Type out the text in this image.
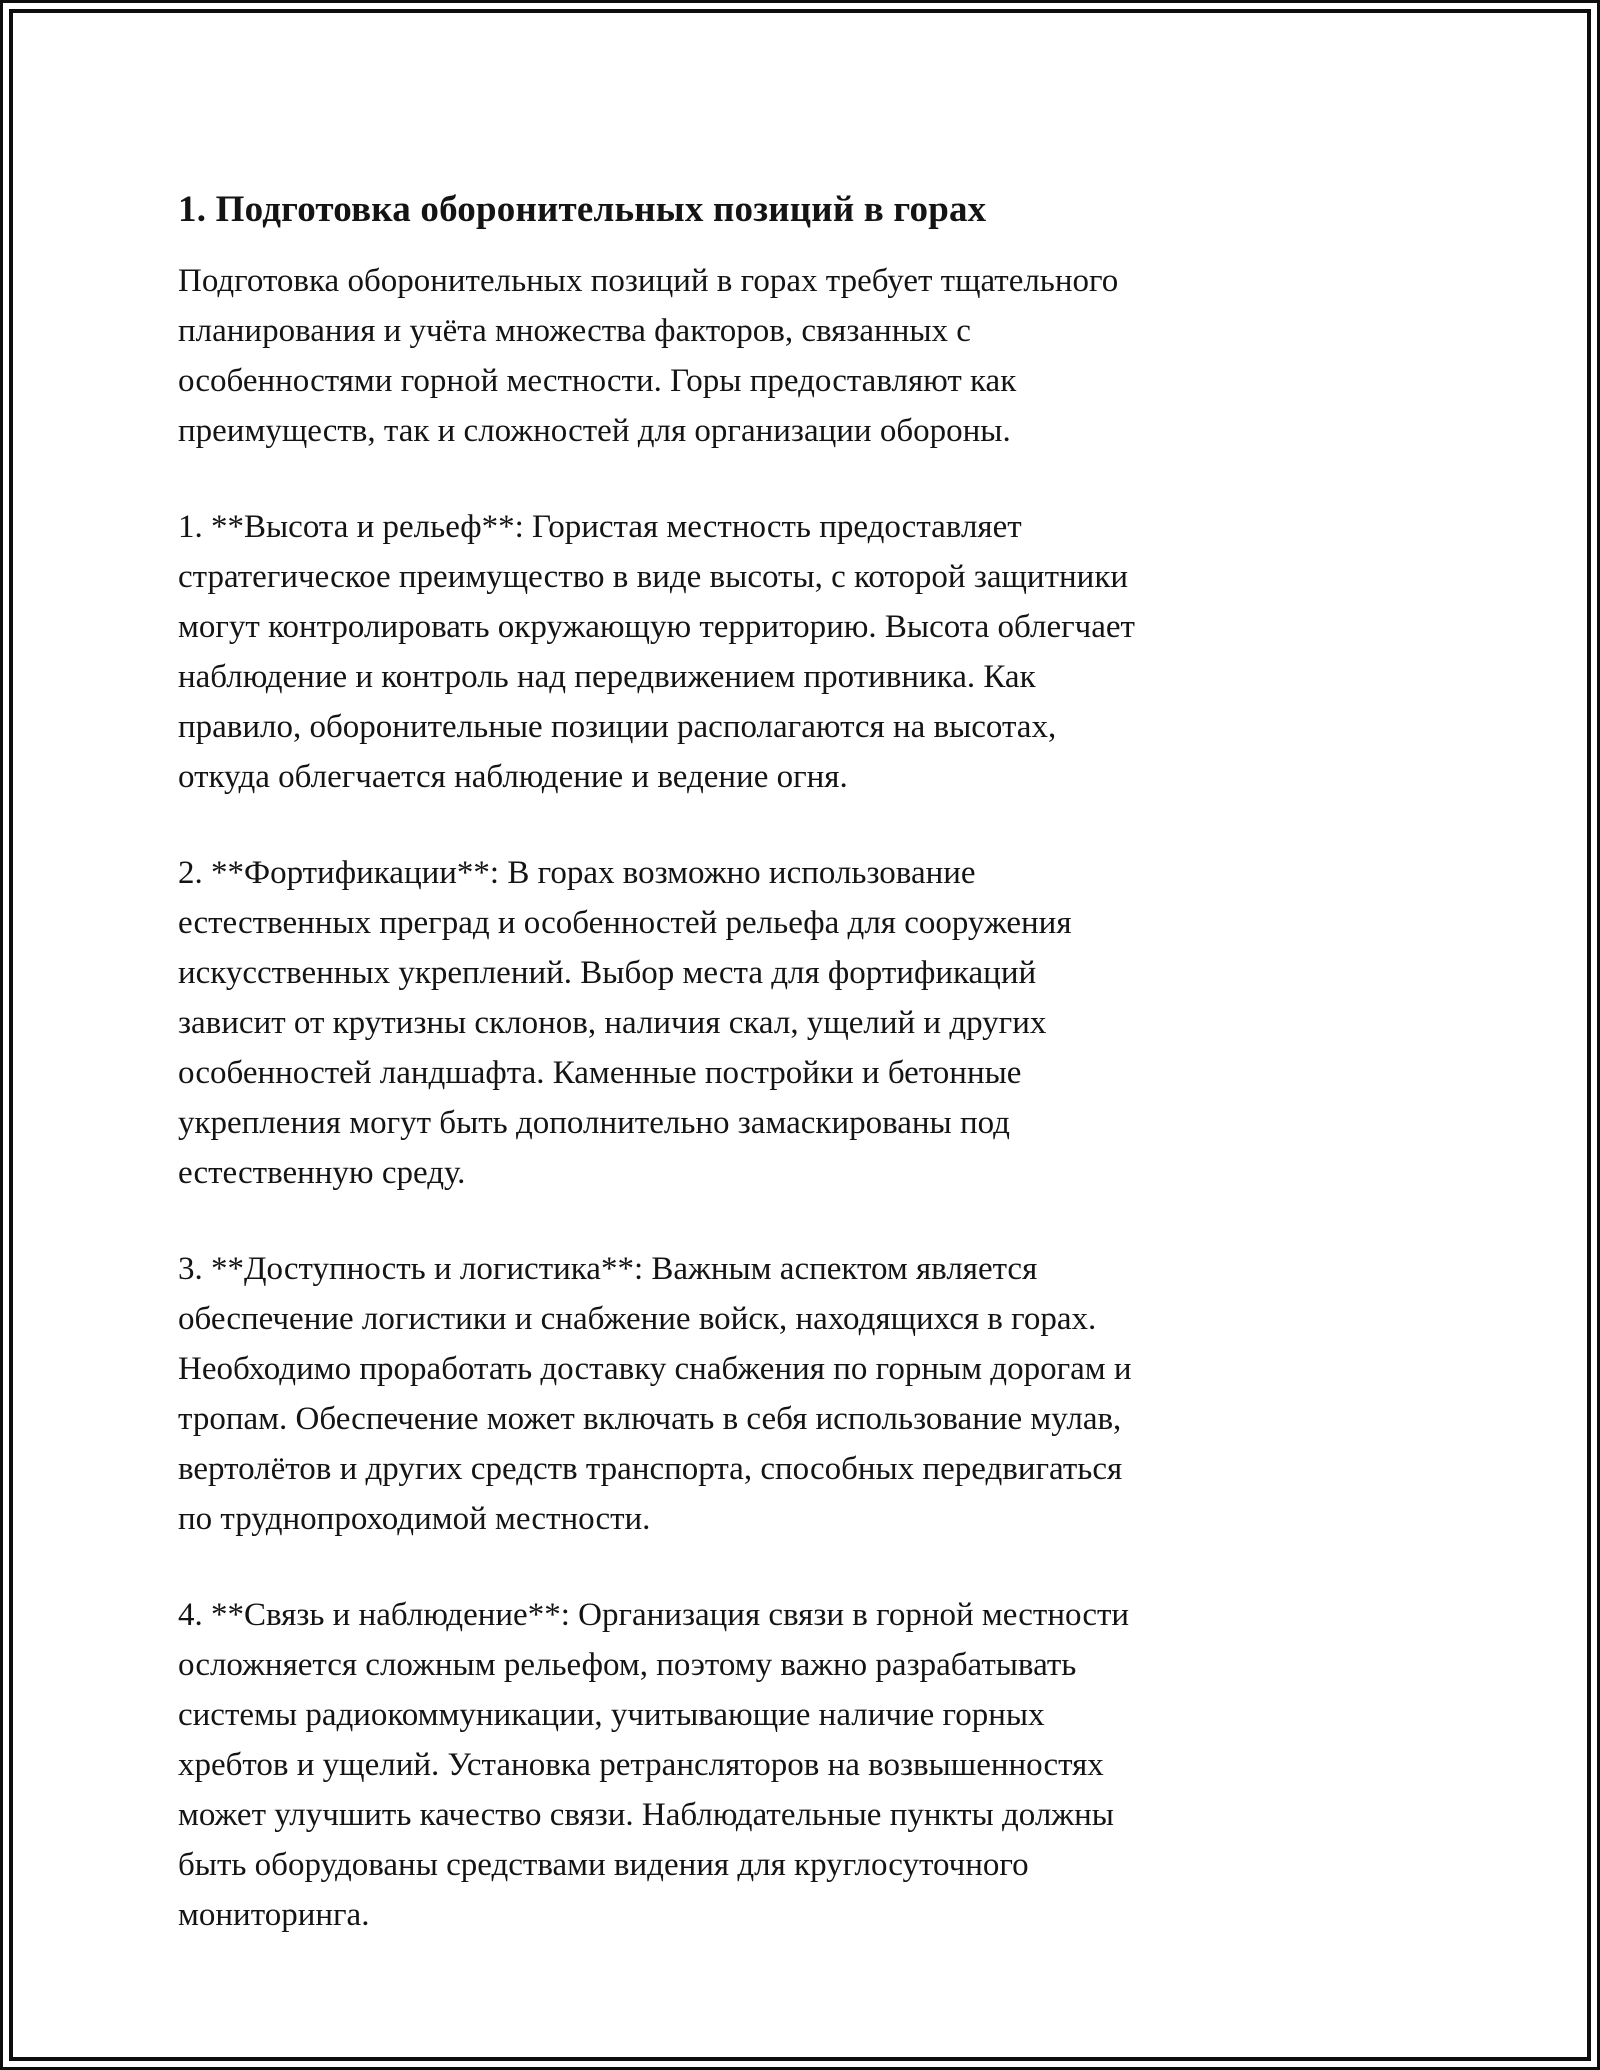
1. Подготовка оборонительных позиций в горах

Подготовка оборонительных позиций в горах требует тщательного планирования и учёта множества факторов, связанных с особенностями горной местности. Горы предоставляют как преимуществ, так и сложностей для организации обороны.

1. **Высота и рельеф**: Гористая местность предоставляет стратегическое преимущество в виде высоты, с которой защитники могут контролировать окружающую территорию. Высота облегчает наблюдение и контроль над передвижением противника. Как правило, оборонительные позиции располагаются на высотах, откуда облегчается наблюдение и ведение огня.

2. **Фортификации**: В горах возможно использование естественных преград и особенностей рельефа для сооружения искусственных укреплений. Выбор места для фортификаций зависит от крутизны склонов, наличия скал, ущелий и других особенностей ландшафта. Каменные постройки и бетонные укрепления могут быть дополнительно замаскированы под естественную среду.

3. **Доступность и логистика**: Важным аспектом является обеспечение логистики и снабжение войск, находящихся в горах. Необходимо проработать доставку снабжения по горным дорогам и тропам. Обеспечение может включать в себя использование мулав, вертолётов и других средств транспорта, способных передвигаться по труднопроходимой местности.

4. **Связь и наблюдение**: Организация связи в горной местности осложняется сложным рельефом, поэтому важно разрабатывать системы радиокоммуникации, учитывающие наличие горных хребтов и ущелий. Установка ретрансляторов на возвышенностях может улучшить качество связи. Наблюдательные пункты должны быть оборудованы средствами видения для круглосуточного мониторинга.
